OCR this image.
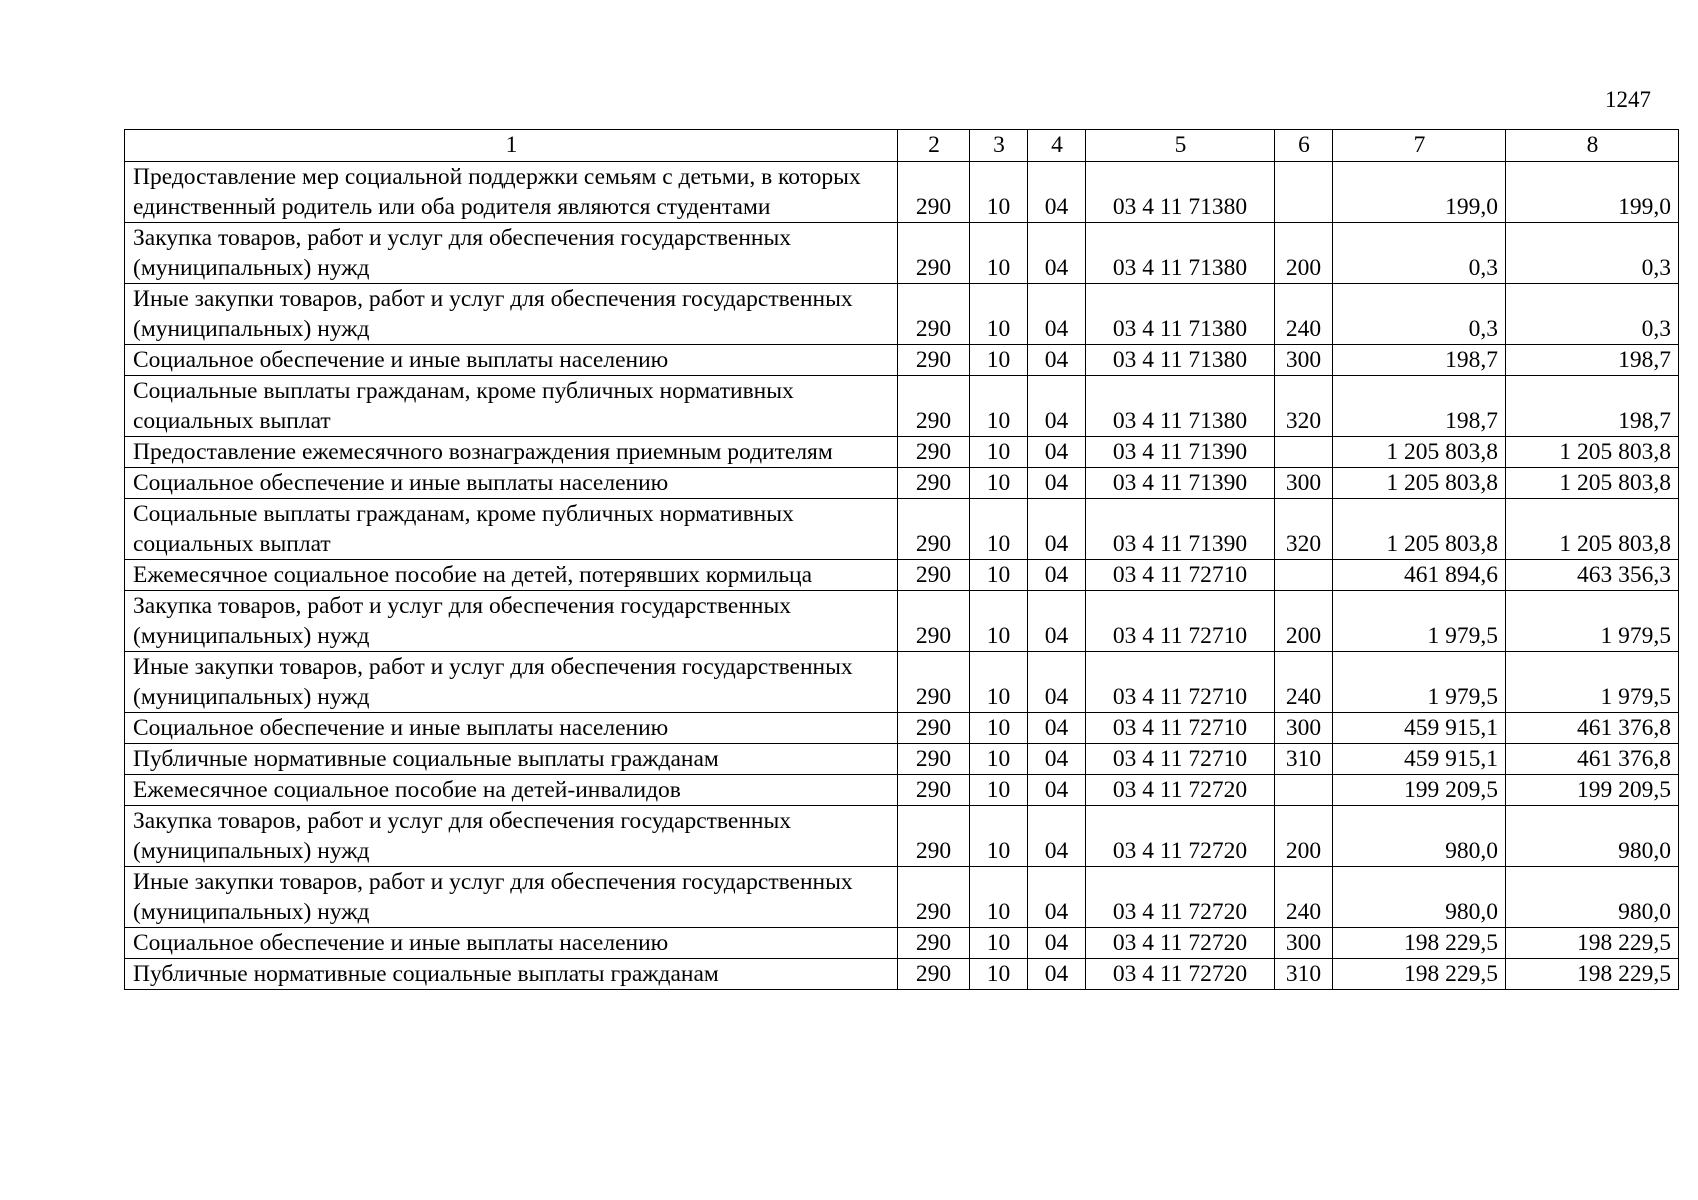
1247
1	2	3	4	5	6	7	8
Предоставление мер социальной поддержки семьям с детьми, в которых единственный родитель или оба родителя являются студентами	290	10	04	03 4 11 71380		199,0	199,0
Закупка товаров, работ и услуг для обеспечения государственных (муниципальных) нужд	290	10	04	03 4 11 71380	200	0,3	0,3
Иные закупки товаров, работ и услуг для обеспечения государственных (муниципальных) нужд	290	10	04	03 4 11 71380	240	0,3	0,3
Социальное обеспечение и иные выплаты населению	290	10	04	03 4 11 71380	300	198,7	198,7
Социальные выплаты гражданам, кроме публичных нормативных социальных выплат	290	10	04	03 4 11 71380	320	198,7	198,7
Предоставление ежемесячного вознаграждения приемным родителям	290	10	04	03 4 11 71390		1 205 803,8	1 205 803,8
Социальное обеспечение и иные выплаты населению	290	10	04	03 4 11 71390	300	1 205 803,8	1 205 803,8
Социальные выплаты гражданам, кроме публичных нормативных социальных выплат	290	10	04	03 4 11 71390	320	1 205 803,8	1 205 803,8
Ежемесячное социальное пособие на детей, потерявших кормильца	290	10	04	03 4 11 72710		461 894,6	463 356,3
Закупка товаров, работ и услуг для обеспечения государственных (муниципальных) нужд	290	10	04	03 4 11 72710	200	1 979,5	1 979,5
Иные закупки товаров, работ и услуг для обеспечения государственных (муниципальных) нужд	290	10	04	03 4 11 72710	240	1 979,5	1 979,5
Социальное обеспечение и иные выплаты населению	290	10	04	03 4 11 72710	300	459 915,1	461 376,8
Публичные нормативные социальные выплаты гражданам	290	10	04	03 4 11 72710	310	459 915,1	461 376,8
Ежемесячное социальное пособие на детей-инвалидов	290	10	04	03 4 11 72720		199 209,5	199 209,5
Закупка товаров, работ и услуг для обеспечения государственных (муниципальных) нужд	290	10	04	03 4 11 72720	200	980,0	980,0
Иные закупки товаров, работ и услуг для обеспечения государственных (муниципальных) нужд	290	10	04	03 4 11 72720	240	980,0	980,0
Социальное обеспечение и иные выплаты населению	290	10	04	03 4 11 72720	300	198 229,5	198 229,5
Публичные нормативные социальные выплаты гражданам	290	10	04	03 4 11 72720	310	198 229,5	198 229,5
